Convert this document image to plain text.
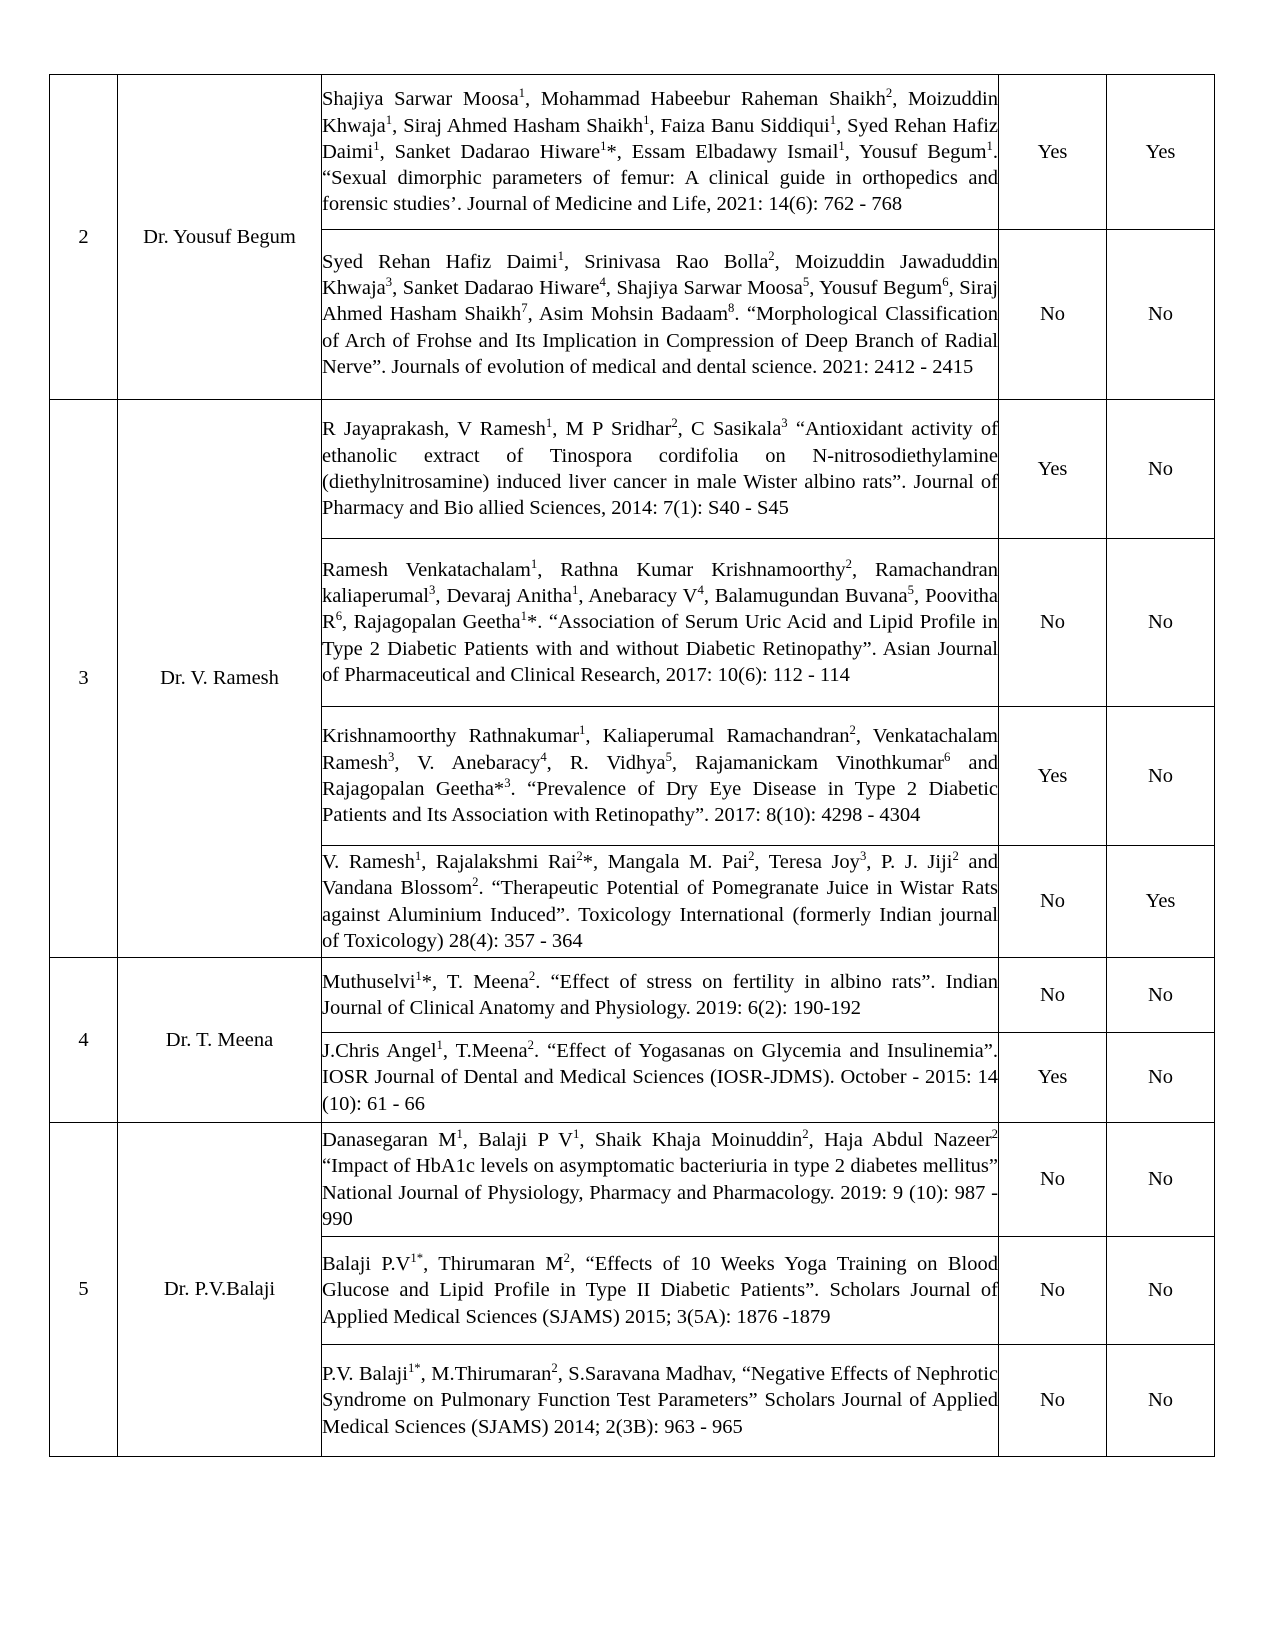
2	Dr. Yousuf Begum	Shajiya Sarwar Moosa$^1$, Mohammad Habeebur Raheman Shaikh$^2$, Moizuddin Khwaja$^1$, Siraj Ahmed Hasham Shaikh$^1$, Faiza Banu Siddiqui$^1$, Syed Rehan Hafiz Daimi$^1$, Sanket Dadarao Hiware$^1$*, Essam Elbadawy Ismail$^1$, Yousuf Begum$^1$. “Sexual dimorphic parameters of femur: A clinical guide in orthopedics and forensic studies’. Journal of Medicine and Life, 2021: 14(6): 762 - 768	Yes	Yes

		Syed Rehan Hafiz Daimi$^1$, Srinivasa Rao Bolla$^2$, Moizuddin Jawaduddin Khwaja$^3$, Sanket Dadarao Hiware$^4$, Shajiya Sarwar Moosa$^5$, Yousuf Begum$^6$, Siraj Ahmed Hasham Shaikh$^7$, Asim Mohsin Badaam$^8$. “Morphological Classification of Arch of Frohse and Its Implication in Compression of Deep Branch of Radial Nerve”. Journals of evolution of medical and dental science. 2021: 2412 - 2415	No	No
3	Dr. V. Ramesh	R Jayaprakash, V Ramesh$^1$, M P Sridhar$^2$, C Sasikala$^3$ “Antioxidant activity of ethanolic extract of Tinospora cordifolia on N-nitrosodiethylamine (diethylnitrosamine) induced liver cancer in male Wister albino rats”. Journal of Pharmacy and Bio allied Sciences, 2014: 7(1): S40 - S45	Yes	No

		Ramesh Venkatachalam$^1$, Rathna Kumar Krishnamoorthy$^2$, Ramachandran kaliaperumal$^3$, Devaraj Anitha$^1$, Anebaracy $V^4$, Balamugundan Buvana$^5$, Poovitha $R^6$, Rajagopalan Geetha$^1$*. “Association of Serum Uric Acid and Lipid Profile in Type 2 Diabetic Patients with and without Diabetic Retinopathy”. Asian Journal of Pharmaceutical and Clinical Research, 2017: 10(6): 112 - 114	No	No

		Krishnamoorthy Rathnakumar$^1$, Kaliaperumal Ramachandran$^2$, Venkatachalam Ramesh$^3$, V. Anebaracy$^4$, R. Vidhya$^5$, Rajamanickam Vinothkumar$^6$ and Rajagopalan Geetha*$^3$. “Prevalence of Dry Eye Disease in Type 2 Diabetic Patients and Its Association with Retinopathy”. 2017: 8(10): 4298 - 4304	Yes	No

		V. Ramesh$^1$, Rajalakshmi Rai$^2$*, Mangala M. Pai$^2$, Teresa Joy$^3$, P. J. Jiji$^2$ and Vandana Blossom$^2$. “Therapeutic Potential of Pomegranate Juice in Wistar Rats against Aluminium Induced”. Toxicology International (formerly Indian journal of Toxicology) 28(4): 357 - 364	No	Yes
4	Dr. T. Meena	Muthuselvi$^1$*, T. Meena$^2$. “Effect of stress on fertility in albino rats”. Indian Journal of Clinical Anatomy and Physiology. 2019: 6(2): 190-192	No	No

		J.Chris Angel$^1$, T.Meena$^2$. “Effect of Yogasanas on Glycemia and Insulinemia”. IOSR Journal of Dental and Medical Sciences (IOSR-JDMS). October - 2015: 14 (10): 61 - 66	Yes	No
5	Dr. P.V.Balaji	Danasegaran $M^1$, Balaji P $V^1$, Shaik Khaja Moinuddin$^2$, Haja Abdul Nazeer$^2$ “Impact of HbA1c levels on asymptomatic bacteriuria in type 2 diabetes mellitus” National Journal of Physiology, Pharmacy and Pharmacology. 2019: 9 (10): 987 - 990	No	No

		Balaji $P.V^{1*}$, Thirumaran $M^2$, “Effects of 10 Weeks Yoga Training on Blood Glucose and Lipid Profile in Type II Diabetic Patients”. Scholars Journal of Applied Medical Sciences (SJAMS) 2015; 3(5A): 1876 -1879	No	No

		P.V. Balaji$^{1*}$, M.Thirumaran$^2$, S.Saravana Madhav, “Negative Effects of Nephrotic Syndrome on Pulmonary Function Test Parameters” Scholars Journal of Applied Medical Sciences (SJAMS) 2014; 2(3B): 963 - 965	No	No
